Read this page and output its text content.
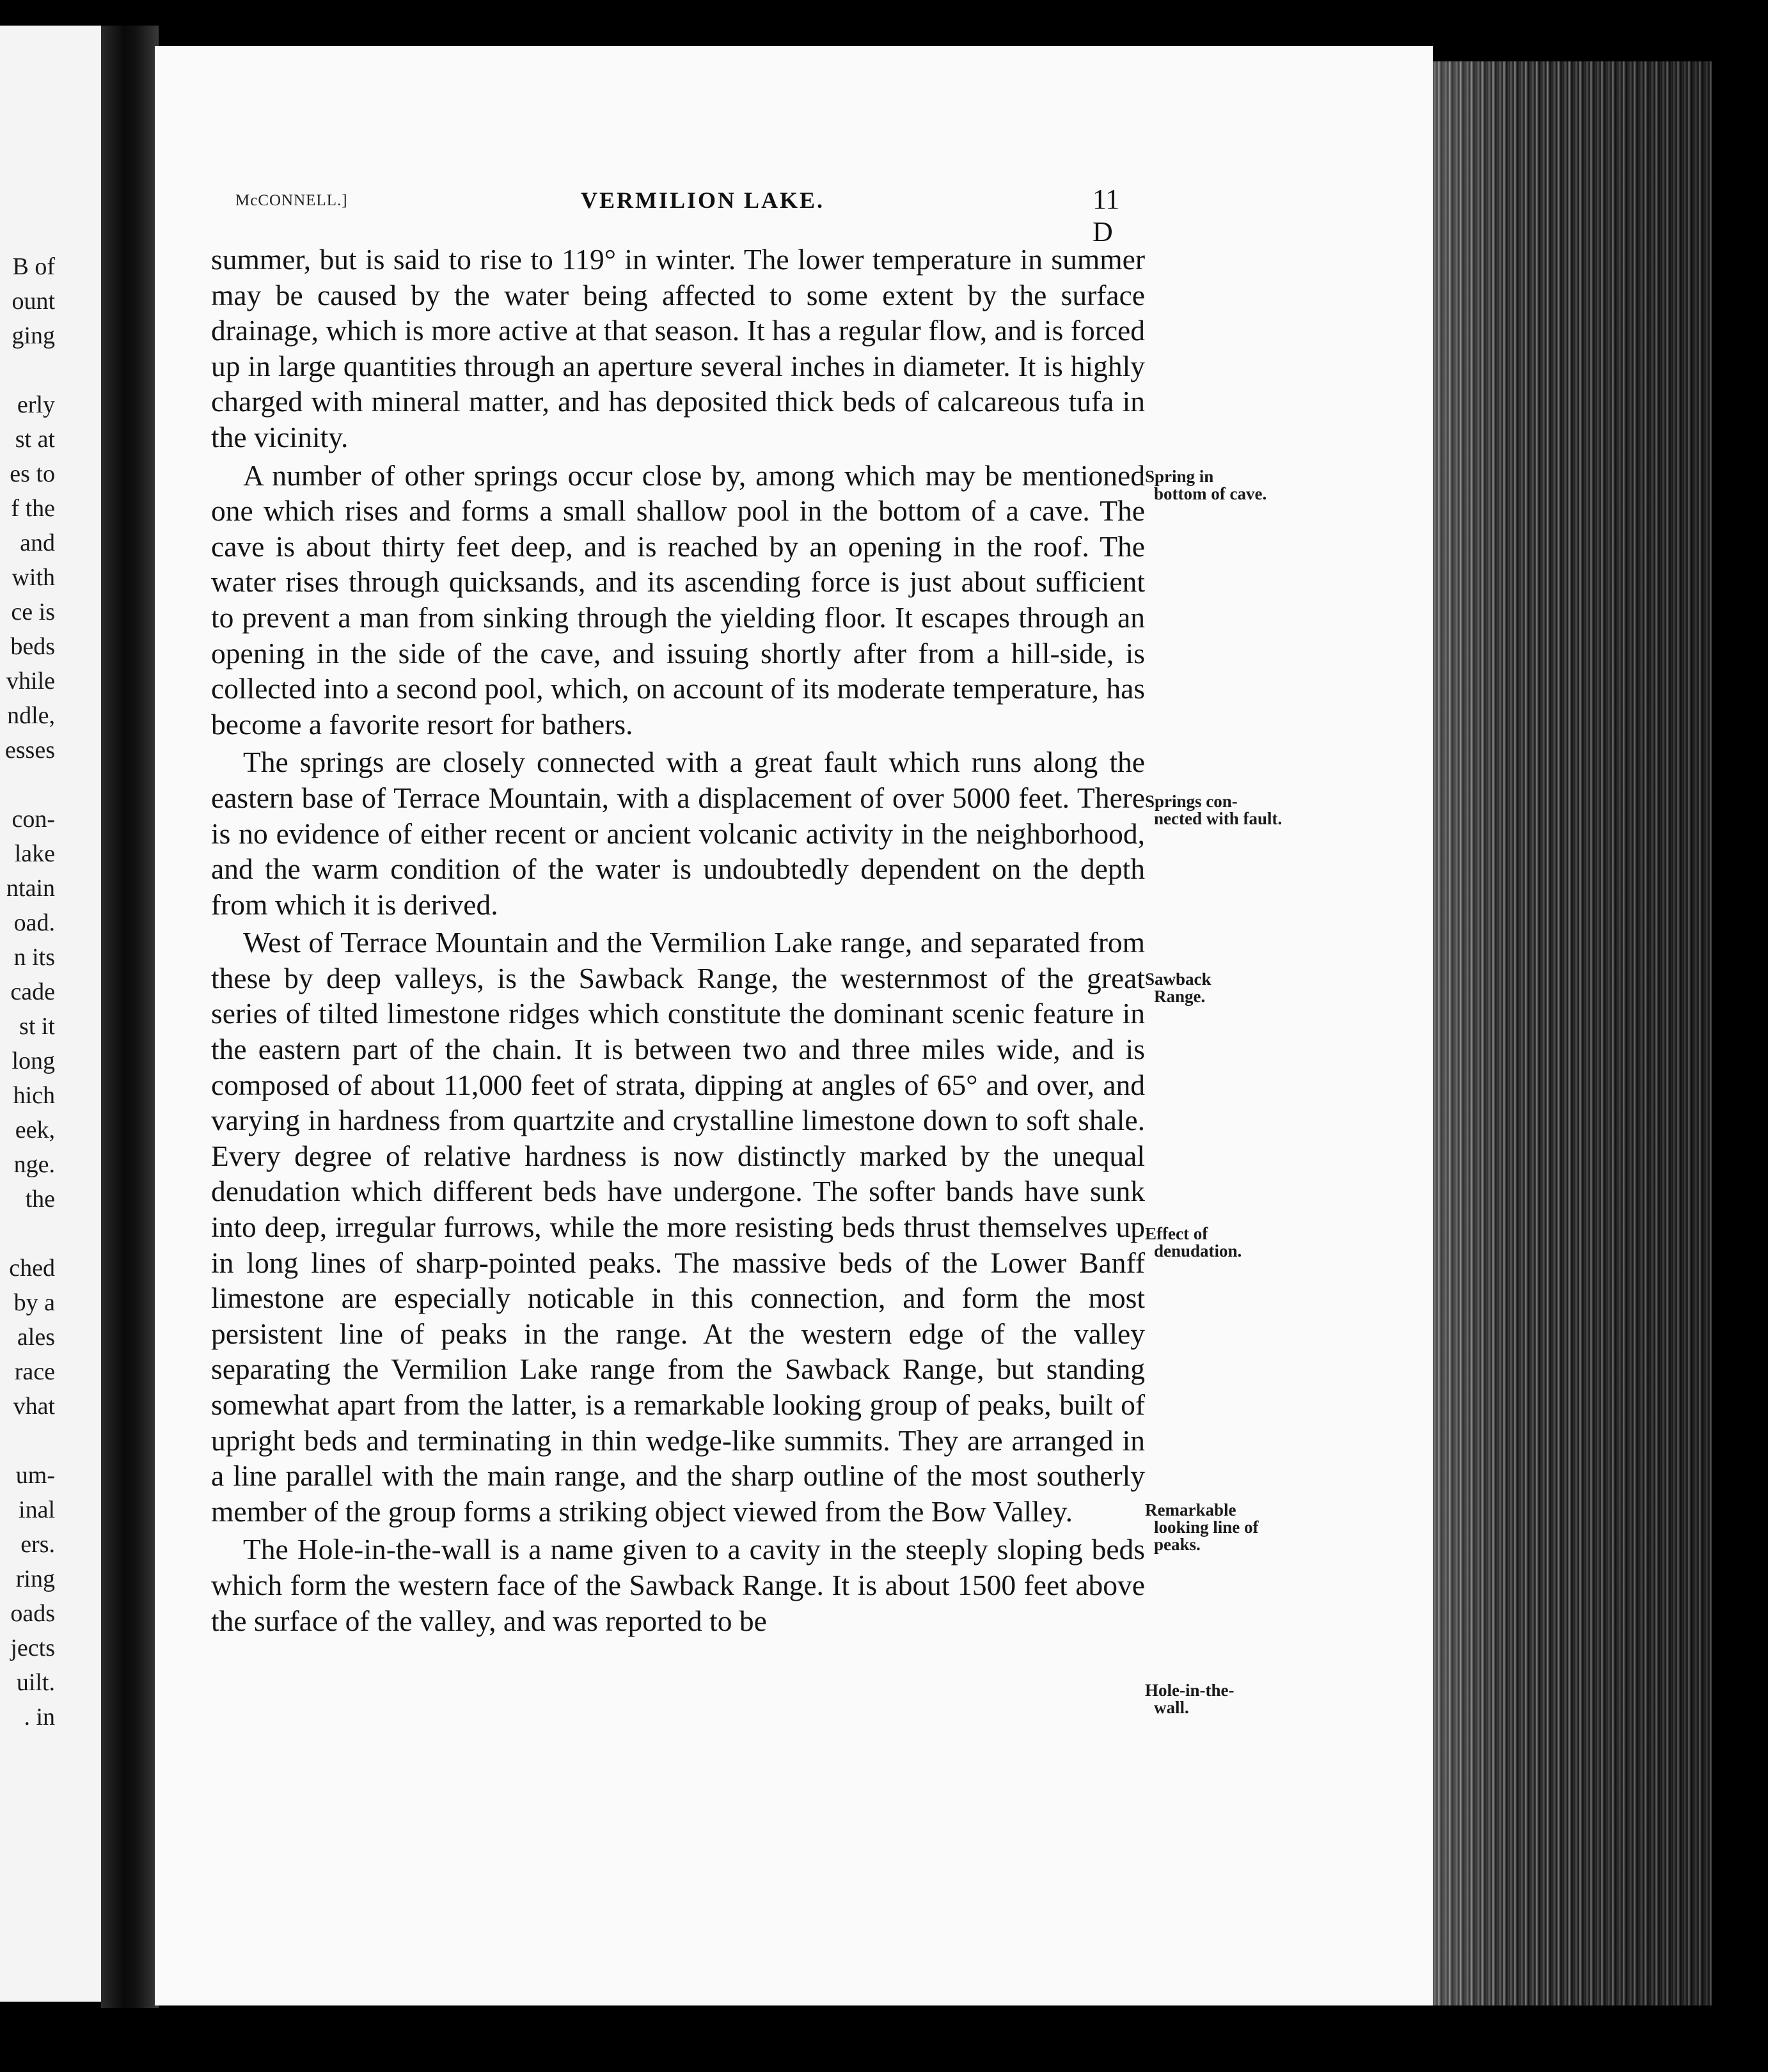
B of
ount
ging
erly
st at
es to
f the
and
with
ce is
beds
vhile
ndle,
esses
con-
lake
ntain
oad.
n its
cade
st it
long
hich
eek,
nge.
the
ched
by a
ales
race
vhat
um-
inal
ers.
ring
oads
jects
uilt.
. in
McCONNELL.]	VERMILION LAKE.	11 D

summer, but is said to rise to 119° in winter. The lower temperature in summer may be caused by the water being affected to some extent by the surface drainage, which is more active at that season. It has a regular flow, and is forced up in large quantities through an aperture several inches in diameter. It is highly charged with mineral matter, and has deposited thick beds of calcareous tufa in the vicinity.

A number of other springs occur close by, among which may be mentioned one which rises and forms a small shallow pool in the bottom of a cave. The cave is about thirty feet deep, and is reached by an opening in the roof. The water rises through quicksands, and its ascending force is just about sufficient to prevent a man from sinking through the yielding floor. It escapes through an opening in the side of the cave, and issuing shortly after from a hill-side, is collected into a second pool, which, on account of its moderate temperature, has become a favorite resort for bathers.

The springs are closely connected with a great fault which runs along the eastern base of Terrace Mountain, with a displacement of over 5000 feet. There is no evidence of either recent or ancient volcanic activity in the neighborhood, and the warm condition of the water is undoubtedly dependent on the depth from which it is derived.

West of Terrace Mountain and the Vermilion Lake range, and separated from these by deep valleys, is the Sawback Range, the westernmost of the great series of tilted limestone ridges which constitute the dominant scenic feature in the eastern part of the chain. It is between two and three miles wide, and is composed of about 11,000 feet of strata, dipping at angles of 65° and over, and varying in hardness from quartzite and crystalline limestone down to soft shale. Every degree of relative hardness is now distinctly marked by the unequal denudation which different beds have undergone. The softer bands have sunk into deep, irregular furrows, while the more resisting beds thrust themselves up in long lines of sharp-pointed peaks. The massive beds of the Lower Banff limestone are especially noticable in this connection, and form the most persistent line of peaks in the range. At the western edge of the valley separating the Vermilion Lake range from the Sawback Range, but standing somewhat apart from the latter, is a remarkable looking group of peaks, built of upright beds and terminating in thin wedge-like summits. They are arranged in a line parallel with the main range, and the sharp outline of the most southerly member of the group forms a striking object viewed from the Bow Valley.

The Hole-in-the-wall is a name given to a cavity in the steeply sloping beds which form the western face of the Sawback Range. It is about 1500 feet above the surface of the valley, and was reported to be

Spring in
bottom of cave.
Springs con-
nected with fault.
Sawback
Range.
Effect of
denudation.
Remarkable
looking line of peaks.
Hole-in-the-
wall.
